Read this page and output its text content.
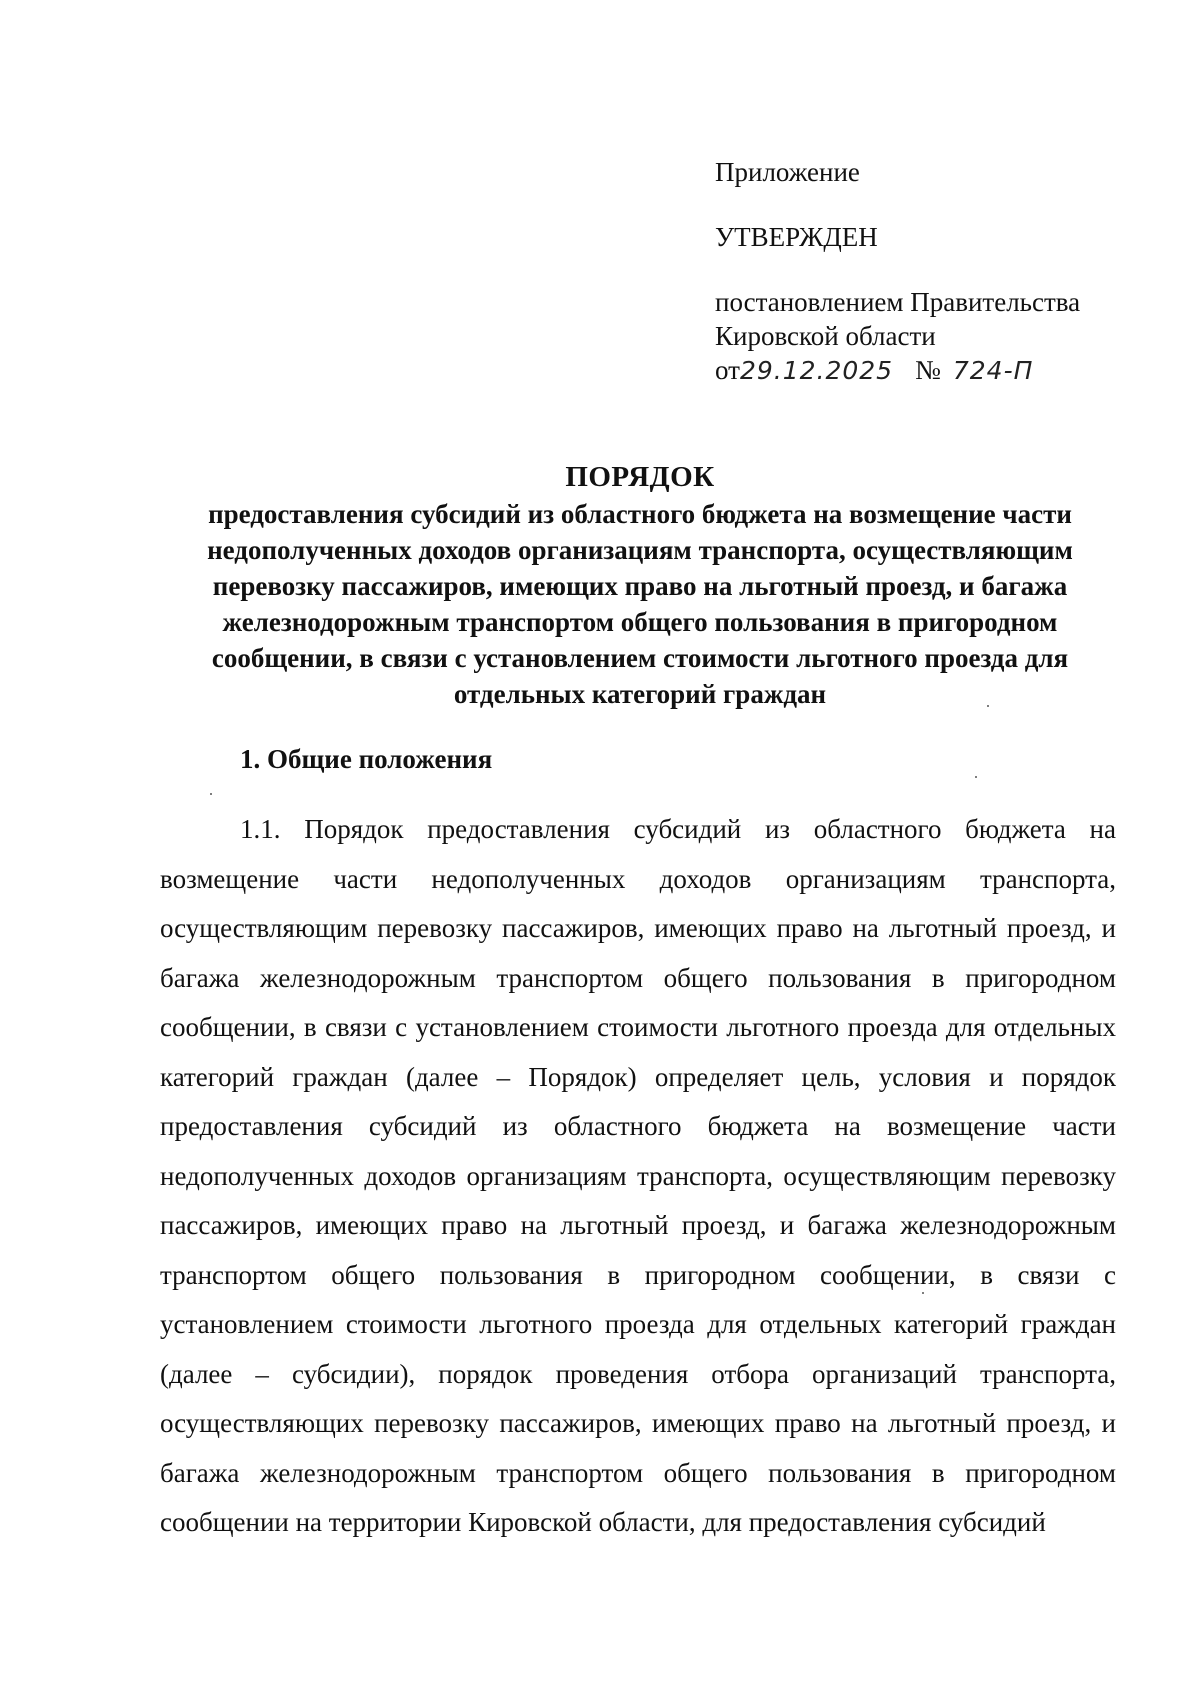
Приложение
УТВЕРЖДЕН
постановлением Правительства
Кировской области
от29.12.2025 № 724-П
ПОРЯДОК
предоставления субсидий из областного бюджета на возмещение части
недополученных доходов организациям транспорта, осуществляющим
перевозку пассажиров, имеющих право на льготный проезд, и багажа
железнодорожным транспортом общего пользования в пригородном
сообщении, в связи с установлением стоимости льготного проезда для
отдельных категорий граждан
1. Общие положения

1.1. Порядок предоставления субсидий из областного бюджета на возмещение части недополученных доходов организациям транспорта, осуществляющим перевозку пассажиров, имеющих право на льготный проезд, и багажа железнодорожным транспортом общего пользования в пригородном сообщении, в связи с установлением стоимости льготного проезда для отдельных категорий граждан (далее – Порядок) определяет цель, условия и порядок предоставления субсидий из областного бюджета на возмещение части недополученных доходов организациям транспорта, осуществляющим перевозку пассажиров, имеющих право на льготный проезд, и багажа железнодорожным транспортом общего пользования в пригородном сообщении, в связи с установлением стоимости льготного проезда для отдельных категорий граждан (далее – субсидии), порядок проведения отбора организаций транспорта, осуществляющих перевозку пассажиров, имеющих право на льготный проезд, и багажа железнодорожным транспортом общего пользования в пригородном сообщении на территории Кировской области, для предоставления субсидий
